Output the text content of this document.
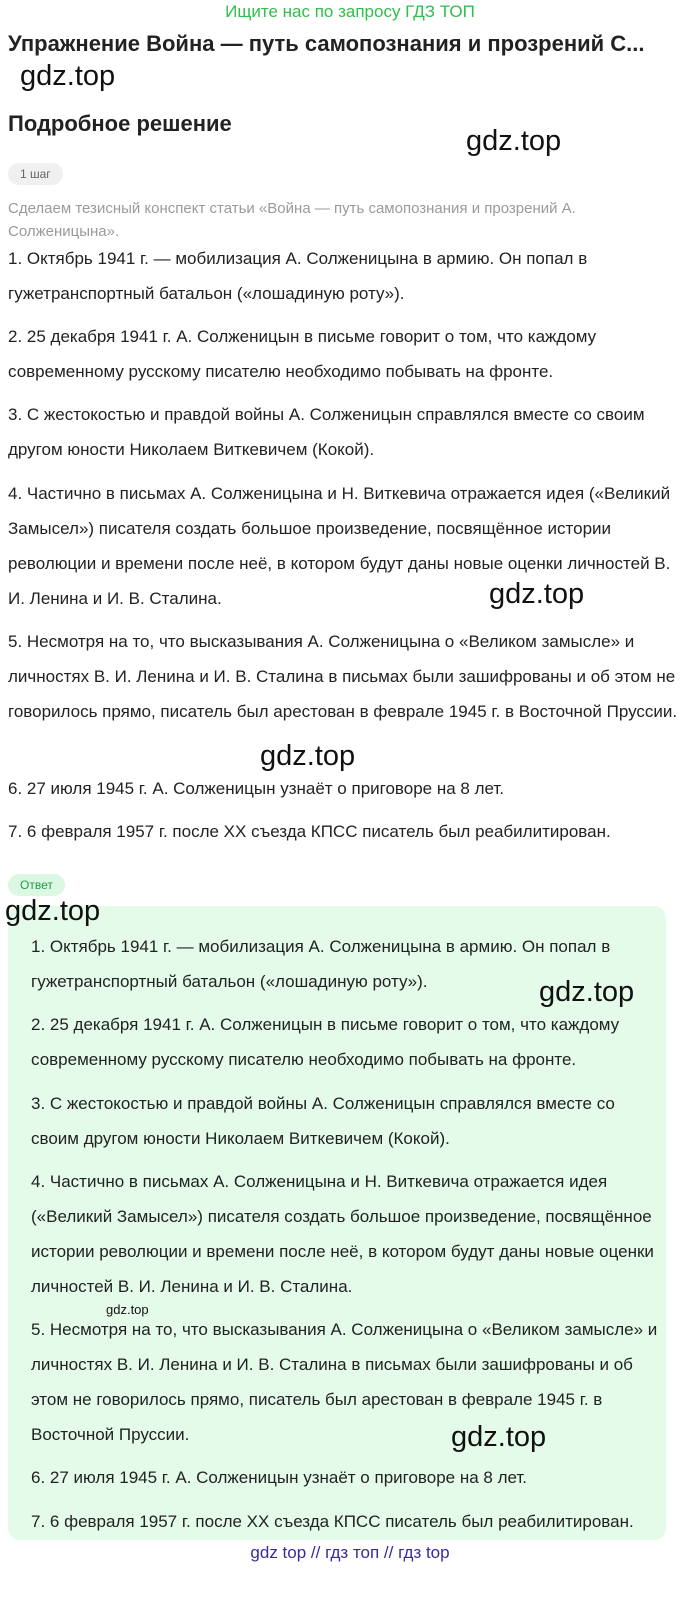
Ищите нас по запросу ГДЗ ТОП
Упражнение Война — путь самопознания и прозрений С...
gdz.top
Подробное решение
gdz.top
1 шаг
Сделаем тезисный конспект статьи «Война — путь самопознания и прозрений А. Солженицына».
1. Октябрь 1941 г. — мобилизация А. Солженицына в армию. Он попал в гужетранспортный батальон («лошадиную роту»).
2. 25 декабря 1941 г. А. Солженицын в письме говорит о том, что каждому современному русскому писателю необходимо побывать на фронте.
3. С жестокостью и правдой войны А. Солженицын справлялся вместе со своим другом юности Николаем Виткевичем (Кокой).
4. Частично в письмах А. Солженицына и Н. Виткевича отражается идея («Великий Замысел») писателя создать большое произведение, посвящённое истории революции и времени после неё, в котором будут даны новые оценки личностей В. И. Ленина и И. В. Сталина.	gdz.top
5. Несмотря на то, что высказывания А. Солженицына о «Великом замысле» и личностях В. И. Ленина и И. В. Сталина в письмах были зашифрованы и об этом не говорилось прямо, писатель был арестован в феврале 1945 г. в Восточной Пруссии.
gdz.top
6. 27 июля 1945 г. А. Солженицын узнаёт о приговоре на 8 лет.
7. 6 февраля 1957 г. после XX съезда КПСС писатель был реабилитирован.
Ответ
gdz.top
1. Октябрь 1941 г. — мобилизация А. Солженицына в армию. Он попал в гужетранспортный батальон («лошадиную роту»).	gdz.top
2. 25 декабря 1941 г. А. Солженицын в письме говорит о том, что каждому современному русскому писателю необходимо побывать на фронте.
3. С жестокостью и правдой войны А. Солженицын справлялся вместе со своим другом юности Николаем Виткевичем (Кокой).
4. Частично в письмах А. Солженицына и Н. Виткевича отражается идея («Великий Замысел») писателя создать большое произведение, посвящённое истории революции и времени после неё, в котором будут даны новые оценки личностей В. И. Ленина и И. В. Сталина.
gdz.top
5. Несмотря на то, что высказывания А. Солженицына о «Великом замысле» и личностях В. И. Ленина и И. В. Сталина в письмах были зашифрованы и об этом не говорилось прямо, писатель был арестован в феврале 1945 г. в Восточной Пруссии.	gdz.top
6. 27 июля 1945 г. А. Солженицын узнаёт о приговоре на 8 лет.
7. 6 февраля 1957 г. после XX съезда КПСС писатель был реабилитирован.
gdz top // гдз топ // гдз top
